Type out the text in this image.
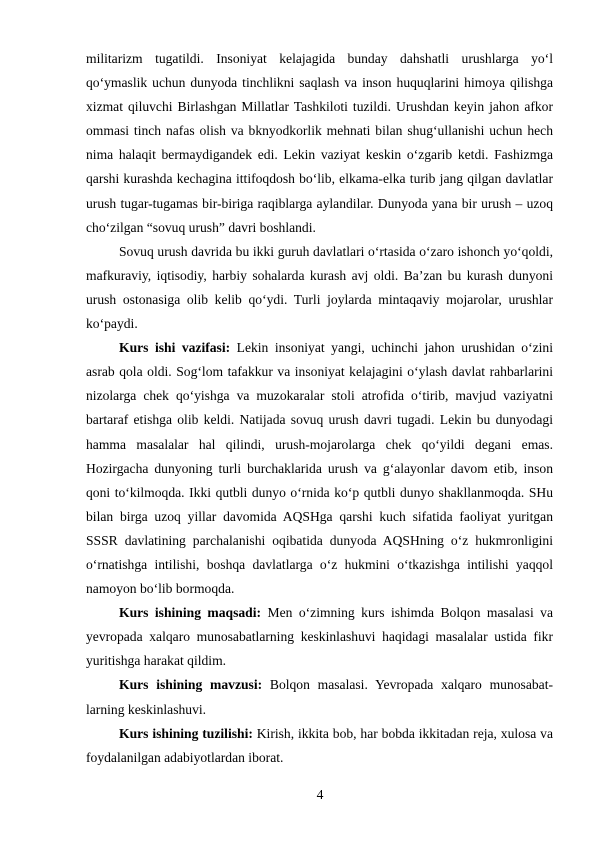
militarizm tugatildi. Insoniyat kelajagida bunday dahshatli urushlarga yo‘l qo‘ymaslik uchun dunyoda tinchlikni saqlash va inson huquqlarini himoya qilishga xizmat qiluvchi Birlashgan Millatlar Tashkiloti tuzildi. Urushdan keyin jahon afkor ommasi tinch nafas olish va bknyodkorlik mehnati bilan shug‘ullanishi uchun hech nima halaqit bermaydigandek edi. Lekin vaziyat keskin o‘zgarib ketdi. Fashizmga qarshi kurashda kechagina ittifoqdosh bo‘lib, elkama-elka turib jang qilgan davlatlar urush tugar-tugamas bir-biriga raqiblarga aylandilar. Dunyoda yana bir urush – uzoq cho‘zilgan “sovuq urush” davri boshlandi.

Sovuq urush davrida bu ikki guruh davlatlari o‘rtasida o‘zaro ishonch yo‘qoldi, mafkuraviy, iqtisodiy, harbiy sohalarda kurash avj oldi. Ba’zan bu kurash dunyoni urush ostonasiga olib kelib qo‘ydi. Turli joylarda mintaqaviy mojarolar, urushlar ko‘paydi.

Kurs ishi vazifasi: Lekin insoniyat yangi, uchinchi jahon urushidan o‘zini asrab qola oldi. Sog‘lom tafakkur va insoniyat kelajagini o‘ylash davlat rahbarlarini nizolarga chek qo‘yishga va muzokaralar stoli atrofida o‘tirib, mavjud vaziyatni bartaraf etishga olib keldi. Natijada sovuq urush davri tugadi. Lekin bu dunyodagi hamma masalalar hal qilindi, urush-mojarolarga chek qo‘yildi degani emas. Hozirgacha dunyoning turli burchaklarida urush va g‘alayonlar davom etib, inson qoni to‘kilmoqda. Ikki qutbli dunyo o‘rnida ko‘p qutbli dunyo shakllanmoqda. SHu bilan birga uzoq yillar davomida AQSHga qarshi kuch sifatida faoliyat yuritgan SSSR davlatining parchalanishi oqibatida dunyoda AQSHning o‘z hukmronligini o‘rnatishga intilishi, boshqa davlatlarga o‘z hukmini o‘tkazishga intilishi yaqqol namoyon bo‘lib bormoqda.

Kurs ishining maqsadi: Men o‘zimning kurs ishimda Bolqon masalasi va yevropada xalqaro munosabatlarning keskinlashuvi haqidagi masalalar ustida fikr yuritishga harakat qildim.

Kurs ishining mavzusi: Bolqon masalasi. Yevropada xalqaro munosabat-larning keskinlashuvi.

Kurs ishining tuzilishi: Kirish, ikkita bob, har bobda ikkitadan reja, xulosa va foydalanilgan adabiyotlardan iborat.

4
